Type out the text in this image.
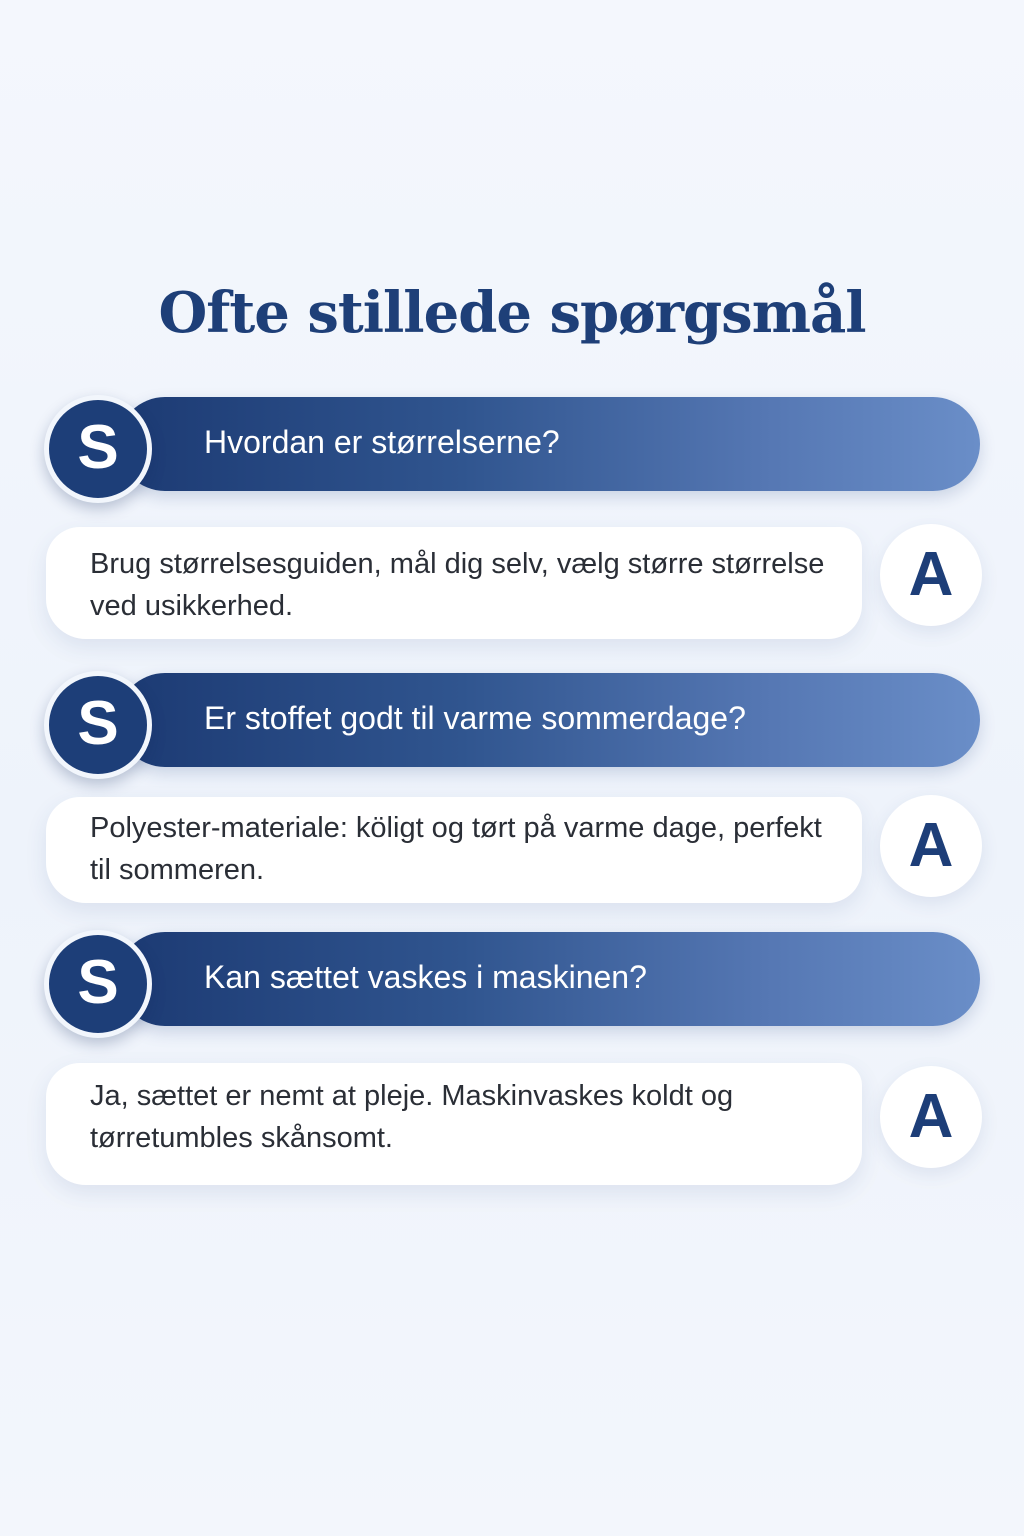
Ofte stillede spørgsmål
Hvordan er størrelserne?
S
Brug størrelsesguiden, mål dig selv, vælg større størrelse ved usikkerhed.	A
Er stoffet godt til varme sommerdage?
S
Polyester-materiale: köligt og tørt på varme dage, perfekt til sommeren.	A
Kan sættet vaskes i maskinen?
S
Ja, sættet er nemt at pleje. Maskinvaskes koldt og tørretumbles skånsomt.	A
